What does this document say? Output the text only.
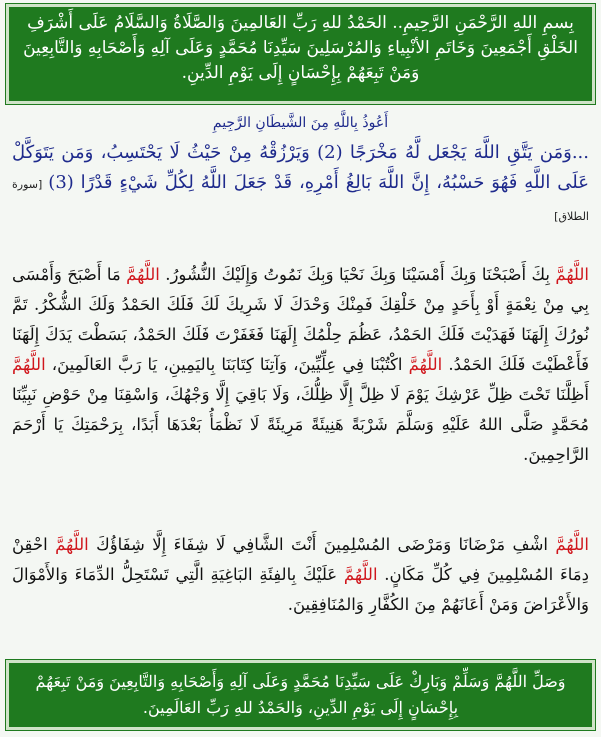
بِسمِ اللهِ الرَّحْمَنِ الرَّحِيمِ.. الحَمْدُ للهِ رَبِّ العَالمِينَ وَالصَّلَاةُ وَالسَّلَامُ عَلَى أَشْرَفِ الخَلْقِ أَجْمَعِينَ وَخَاتَمِ الأنْبِياءِ وَالمُرْسَلِينَ سَيِّدِنَا مُحَمَّدٍ وَعَلَى آلِهِ وَأَصْحَابِهِ وَالتَّابِعِينَ وَمَنْ تَبِعَهُمْ بِإِحْسَانٍ إِلَى يَوْمِ الدِّينِ.
أَعُوذُ بِاللَّهِ مِنَ الشَّيطَانِ الرَّجِيمِ
...وَمَن يَتَّقِ اللَّهَ يَجْعَل لَّهُ مَخْرَجًا (2) وَيَرْزُقْهُ مِنْ حَيْثُ لَا يَحْتَسِبُ، وَمَن يَتَوَكَّلْ عَلَى اللَّهِ فَهُوَ حَسْبُهُ، إِنَّ اللَّهَ بَالِغُ أَمْرِهِ، قَدْ جَعَلَ اللَّهُ لِكُلِّ شَيْءٍ قَدْرًا (3)[سورة الطلاق]
اللَّهُمَّ بِكَ أَصْبَحْنَا وَبِكَ أَمْسَيْنَا وَبِكَ نَحْيَا وَبِكَ نَمُوتُ وَإِلَيْكَ النُّشُورُ. اللَّهُمَّ مَا أَصْبَحَ وَأَمْسَى بِي مِنْ نِعْمَةٍ أَوْ بِأَحَدٍ مِنْ خَلْقِكَ فَمِنْكَ وَحْدَكَ لَا شَرِيكَ لَكَ فَلَكَ الحَمْدُ وَلَكَ الشُّكْرُ. تَمَّ نُورُكَ إِلَهَنَا فَهَدَيْتَ فَلَكَ الحَمْدُ، عَظُمَ حِلْمُكَ إِلَهَنَا فَغَفَرْتَ فَلَكَ الحَمْدُ، بَسَطْتَ يَدَكَ إِلَهَنَا فَأَعْطَيْتَ فَلَكَ الحَمْدُ. اللَّهُمَّ اكْتُبْنَا فِي عِلِّيِّينَ، وَآتِنَا كِتَابَنَا بِاليَمِينِ، يَا رَبَّ العَالَمِينَ، اللَّهُمَّ أَظِلَّنَا تَحْتَ ظِلِّ عَرْشِكَ يَوْمَ لَا ظِلَّ إِلَّا ظِلُّكَ، وَلَا بَاقِيَ إِلَّا وَجْهُكَ، وَاسْقِنَا مِنْ حَوْضِ نَبِيِّنَا مُحَمَّدٍ صَلَّى اللهُ عَلَيْهِ وَسَلَّمَ شَرْبَةً هَنِيئَةً مَرِيئَةً لَا نَظْمَأُ بَعْدَهَا أَبَدًا، بِرَحْمَتِكَ يَا أَرْحَمَ الرَّاحِمِينَ.
اللَّهُمَّ اشْفِ مَرْضَانَا وَمَرْضَى المُسْلِمِينَ أَنْتَ الشَّافِي لَا شِفَاءَ إِلَّا شِفَاؤُكَ اللَّهُمَّ احْقِنْ دِمَاءَ المُسْلِمِينَ فِي كُلِّ مَكَانٍ. اللَّهُمَّ عَلَيْكَ بِالفِئَةِ البَاغِيَةِ الَّتِي تَسْتَحِلُّ الدِّمَاءَ وَالأَمْوَالَ وَالأَعْرَاضَ وَمَنْ أَعَانَهُمْ مِنَ الكُفَّارِ وَالمُنَافِقِينَ.
وَصَلِّ اللَّهُمَّ وَسَلِّمْ وَبَارِكْ عَلَى سَيِّدِنَا مُحَمَّدٍ وَعَلَى آلِهِ وَأَصْحَابِهِ وَالتَّابِعِينَ وَمَنْ تَبِعَهُمْ بِإِحْسَانٍ إِلَى يَوْمِ الدِّينِ، وَالحَمْدُ للهِ رَبِّ العَالَمِينَ.
